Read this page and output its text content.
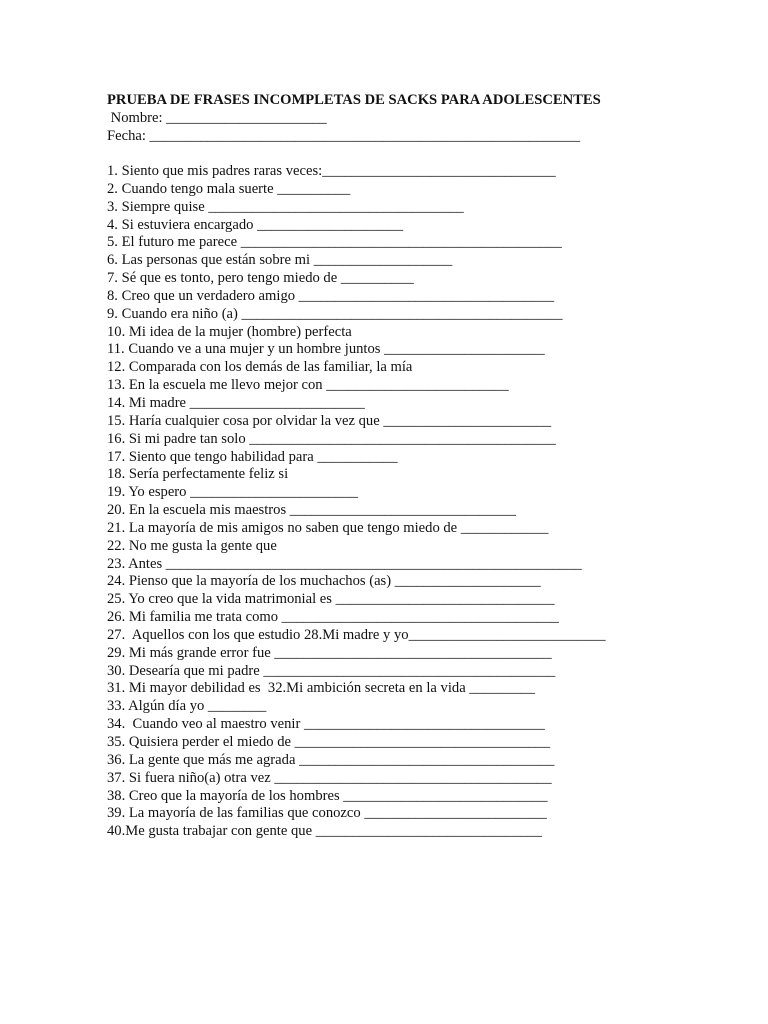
PRUEBA DE FRASES INCOMPLETAS DE SACKS PARA ADOLESCENTES
Nombre: ______________________
Fecha: ___________________________________________________________
1. Siento que mis padres raras veces:________________________________
2. Cuando tengo mala suerte __________
3. Siempre quise ___________________________________
4. Si estuviera encargado ____________________
5. El futuro me parece ____________________________________________
6. Las personas que están sobre mi ___________________
7. Sé que es tonto, pero tengo miedo de __________
8. Creo que un verdadero amigo ___________________________________
9. Cuando era niño (a) ____________________________________________
10. Mi idea de la mujer (hombre) perfecta
11. Cuando ve a una mujer y un hombre juntos ______________________
12. Comparada con los demás de las familiar, la mía
13. En la escuela me llevo mejor con _________________________
14. Mi madre ________________________
15. Haría cualquier cosa por olvidar la vez que _______________________
16. Si mi padre tan solo __________________________________________
17. Siento que tengo habilidad para ___________
18. Sería perfectamente feliz si
19. Yo espero _______________________
20. En la escuela mis maestros _______________________________
21. La mayoría de mis amigos no saben que tengo miedo de ____________
22. No me gusta la gente que
23. Antes _________________________________________________________
24. Pienso que la mayoría de los muchachos (as) ____________________
25. Yo creo que la vida matrimonial es ______________________________
26. Mi familia me trata como ______________________________________
27.  Aquellos con los que estudio 28.Mi madre y yo___________________________
29. Mi más grande error fue ______________________________________
30. Desearía que mi padre ________________________________________
31. Mi mayor debilidad es  32.Mi ambición secreta en la vida _________
33. Algún día yo ________
34.  Cuando veo al maestro venir _________________________________
35. Quisiera perder el miedo de ___________________________________
36. La gente que más me agrada ___________________________________
37. Si fuera niño(a) otra vez ______________________________________
38. Creo que la mayoría de los hombres ____________________________
39. La mayoría de las familias que conozco _________________________
40.Me gusta trabajar con gente que _______________________________
